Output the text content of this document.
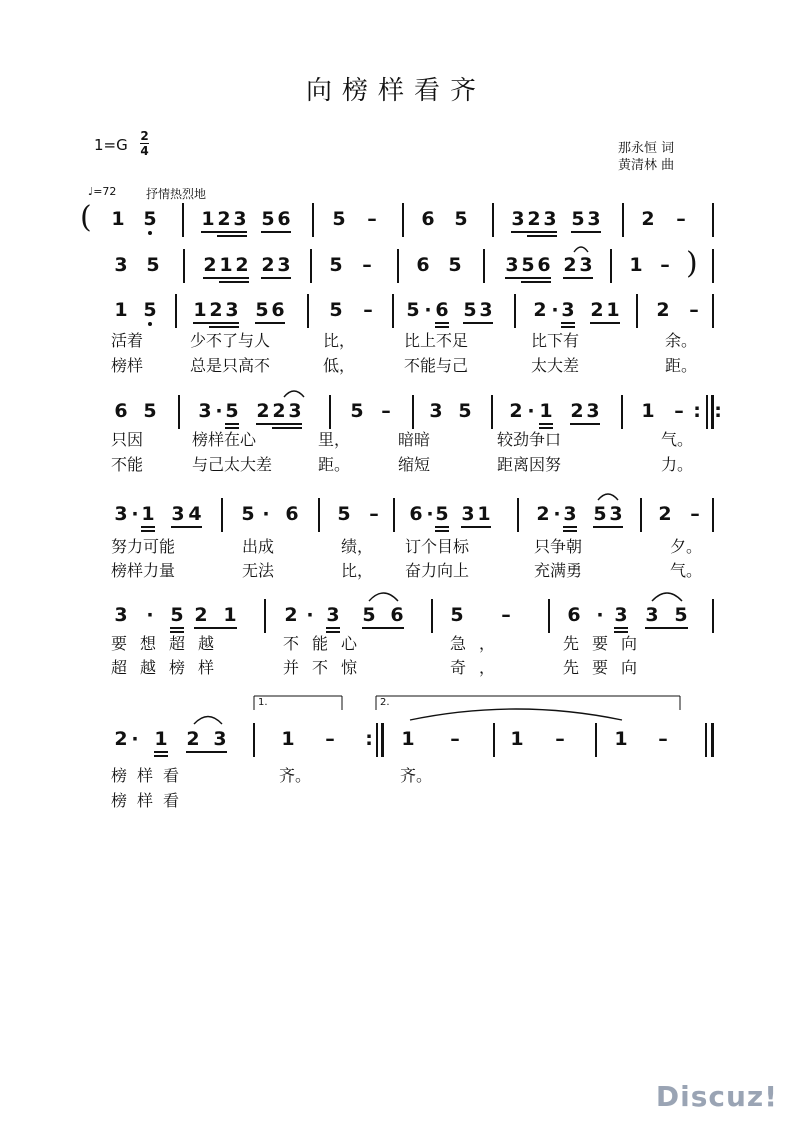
向榜样看齐
1=G 2
4	那永恒 词
黄清林 曲
♩=72 抒情热烈地
( 1 5 1 2 3 5 6 5 – 6 5 3 2 3 5 3 2 –
3 5 2 1 2 2 3 5 – 6 5 3 5 6 2 3 1 – )
1 5 1 2 3 5 6 5 – 5 · 6 5 3 2 · 3 2 1 2 –
活着	少不了与人	比，	比上不足	比下有	余。
榜样	总是只高不	低，	不能与己	太大差	距。
6 5 3 · 5 2 2 3	5 – 3 5 2 · 1 2 3 1 – : :
只因	榜样在心	里，	暗暗	较劲争口	气。
不能	与己太大差	距。	缩短	距离因努	力。
3 · 1 3 4 5 · 6 5 – 6 · 5 3 1 2 · 3 5 3 2 –
努力可能	出成	绩， 订个目标	只争朝	夕。
榜样力量	无法	比， 奋力向上	充满勇	气。
3 · 5 2 1	2 · 3 5 6 5 –	6 · 3 3 5
要想超越	不能心	急，	先要向
超越榜样	并不惊	奇，	先要向
2 · 1 2 3	1 – : 1 –	1 –	1 –
1.	2.
榜样看	齐。	齐。
榜样看
Discuz!
